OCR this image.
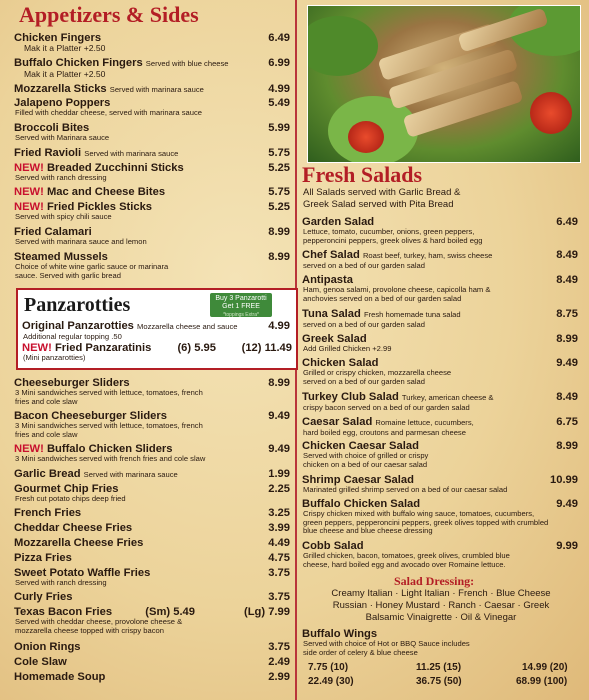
Appetizers & Sides
Chicken Fingers
Mak it a Platter +2.50
6.49
Buffalo Chicken Fingers Served with blue cheese
Mak it a Platter +2.50
6.99
Mozzarella Sticks Served with marinara sauce	4.99
Jalapeno Poppers
Filled with cheddar cheese, served with marinara sauce
5.49
Broccoli Bites
Served with Marinara sauce
5.99
Fried Ravioli Served with marinara sauce	5.75
NEW! Breaded Zucchinni Sticks
Served with ranch dressing
5.25
NEW! Mac and Cheese Bites	5.75
NEW! Fried Pickles Sticks
Served with spicy chili sauce
5.25
Fried Calamari
Served with marinara sauce and lemon
8.99
Steamed Mussels
Choice of white wine garlic sauce or marinara sauce. Served with garlic bread
8.99
Panzarotties	Buy 3 Panzarotti
Get 1 FREE
*toppings Extra*
Original Panzarotties Mozzarella cheese and sauce
Additional regular topping .50
4.99
NEW! Fried Panzaratinis
(Mini panzarotties)
(6) 5.95 (12) 11.49
Cheeseburger Sliders
3 Mini sandwiches served with lettuce, tomatoes, french fries and cole slaw
8.99
Bacon Cheeseburger Sliders
3 Mini sandwiches served with lettuce, tomatoes, french fries and cole slaw
9.49
NEW! Buffalo Chicken Sliders
3 Mini sandwiches served with french fries and cole slaw
9.49
Garlic Bread Served with marinara sauce	1.99
Gourmet Chip Fries
Fresh cut potato chips deep fried
2.25
French Fries	3.25
Cheddar Cheese Fries	3.99
Mozzarella Cheese Fries	4.49
Pizza Fries	4.75
Sweet Potato Waffle Fries
Served with ranch dressing
3.75
Curly Fries	3.75
Texas Bacon Fries
Served with cheddar cheese, provolone cheese & mozzarella cheese topped with crispy bacon
(Sm) 5.49	(Lg) 7.99
Onion Rings	3.75
Cole Slaw	2.49
Homemade Soup	2.99
Fresh Salads
All Salads served with Garlic Bread & Greek Salad served with Pita Bread
Garden Salad
Lettuce, tomato, cucumber, onions, green peppers, pepperoncini peppers, greek olives & hard boiled egg
6.49
Chef Salad Roast beef, turkey, ham, swiss cheese
served on a bed of our garden salad
8.49
Antipasta
Ham, genoa salami, provolone cheese, capicolla ham & anchovies served on a bed of our garden salad
8.49
Tuna Salad Fresh homemade tuna salad
served on a bed of our garden salad
8.75
Greek Salad
Add Grilled Chicken +2.99
8.99
Chicken Salad
Grilled or crispy chicken, mozzarella cheese served on a bed of our garden salad
9.49
Turkey Club Salad Turkey, american cheese &
crispy bacon served on a bed of our garden salad
8.49
Caesar Salad Romaine lettuce, cucumbers,
hard boiled egg, croutons and parmesan cheese
6.75
Chicken Caesar Salad
Served with choice of grilled or crispy chicken on a bed of our caesar salad
8.99
Shrimp Caesar Salad
Marinated grilled shrimp served on a bed of our caesar salad
10.99
Buffalo Chicken Salad
Crispy chicken mixed with buffalo wing sauce, tomatoes, cucumbers, green peppers, pepperoncini peppers, greek olives topped with crumbled blue cheese and blue cheese dressing
9.49
Cobb Salad
Grilled chicken, bacon, tomatoes, greek olives, crumbled blue cheese, hard boiled egg and avocado over Romaine lettuce.
9.99
Salad Dressing:
Creamy Italian · Light Italian · French · Blue Cheese
Russian · Honey Mustard · Ranch · Caesar · Greek
Balsamic Vinaigrette · Oil & Vinegar
Buffalo Wings
Served with choice of Hot or BBQ Sauce includes side order of celery & blue cheese
7.75 (10)	11.25 (15)	14.99 (20)
22.49 (30)	36.75 (50)	68.99 (100)
